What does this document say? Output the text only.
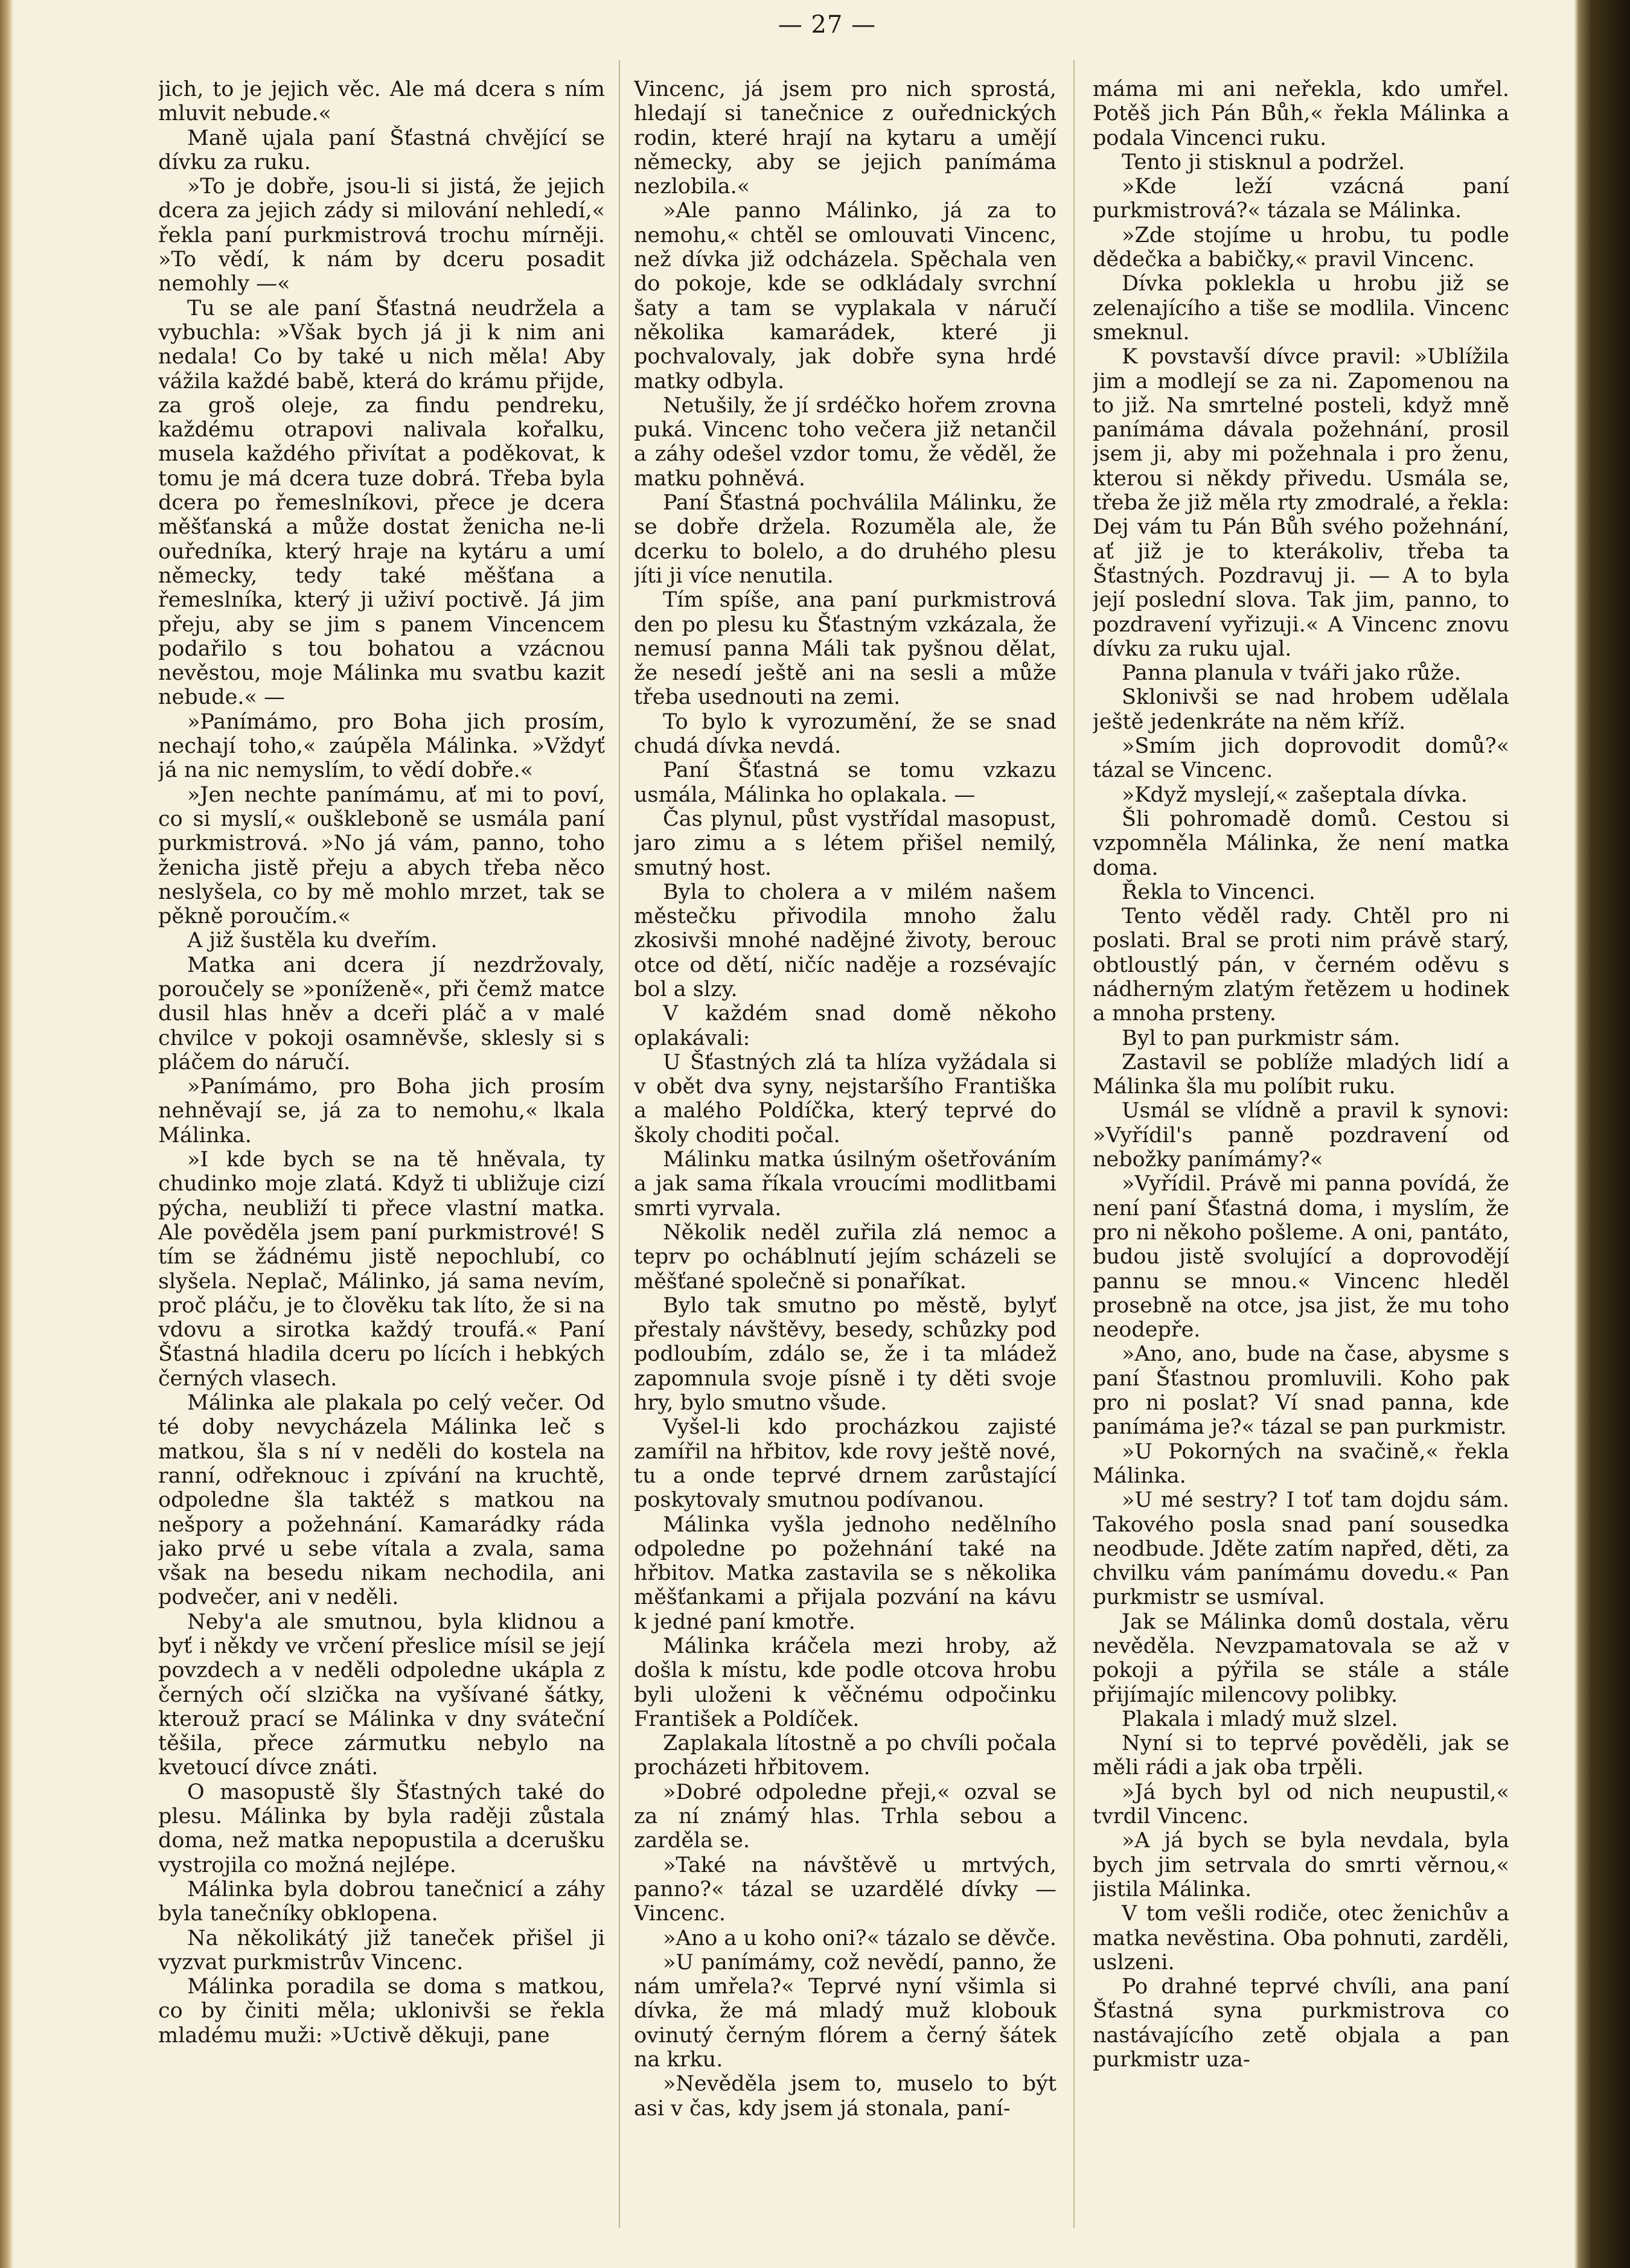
— 27 —

jich, to je jejich věc. Ale má dcera s ním mluvit nebude.«

Maně ujala paní Šťastná chvějící se dívku za ruku.

»To je dobře, jsou-li si jistá, že jejich dcera za jejich zády si milování nehledí,« řekla paní purkmistrová trochu mírněji. »To vědí, k nám by dceru posadit nemohly —«

Tu se ale paní Šťastná neudržela a vybuchla: »Však bych já ji k nim ani nedala! Co by také u nich měla! Aby vážila každé babě, která do krámu přijde, za groš oleje, za findu pendreku, každému otrapovi nalivala kořalku, musela každého přivítat a poděkovat, k tomu je má dcera tuze dobrá. Třeba byla dcera po řemeslníkovi, přece je dcera měšťanská a může dostat ženicha ne-li ouředníka, který hraje na kytáru a umí německy, tedy také měšťana a řemeslníka, který ji uživí poctivě. Já jim přeju, aby se jim s panem Vincencem podařilo s tou bohatou a vzácnou nevěstou, moje Málinka mu svatbu kazit nebude.« —

»Panímámo, pro Boha jich prosím, nechají toho,« zaúpěla Málinka. »Vždyť já na nic nemyslím, to vědí dobře.«

»Jen nechte panímámu, ať mi to poví, co si myslí,« ouškleboně se usmála paní purkmistrová. »No já vám, panno, toho ženicha jistě přeju a abych třeba něco neslyšela, co by mě mohlo mrzet, tak se pěkně poroučím.«

A již šustěla ku dveřím.

Matka ani dcera jí nezdržovaly, poroučely se »poníženě«, při čemž matce dusil hlas hněv a dceři pláč a v malé chvilce v pokoji osamněvše, sklesly si s pláčem do náručí.

»Panímámo, pro Boha jich prosím nehněvají se, já za to nemohu,« lkala Málinka.

»I kde bych se na tě hněvala, ty chudinko moje zlatá. Když ti ubližuje cizí pýcha, neubliží ti přece vlastní matka. Ale pověděla jsem paní purkmistrové! S tím se žádnému jistě nepochlubí, co slyšela. Neplač, Málinko, já sama nevím, proč pláču, je to člověku tak líto, že si na vdovu a sirotka každý troufá.« Paní Šťastná hladila dceru po lících i hebkých černých vlasech.

Málinka ale plakala po celý večer. Od té doby nevycházela Málinka leč s matkou, šla s ní v neděli do kostela na ranní, odřeknouc i zpívání na kruchtě, odpoledne šla taktéž s matkou na nešpory a požehnání. Kamarádky ráda jako prvé u sebe vítala a zvala, sama však na besedu nikam nechodila, ani podvečer, ani v neděli.

Neby'a ale smutnou, byla klidnou a byť i někdy ve vrčení přeslice mísil se její povzdech a v neděli odpoledne ukápla z černých očí slzička na vyšívané šátky, kterouž prací se Málinka v dny sváteční těšila, přece zármutku nebylo na kvetoucí dívce znáti.

O masopustě šly Šťastných také do plesu. Málinka by byla raději zůstala doma, než matka nepopustila a dcerušku vystrojila co možná nejlépe.

Málinka byla dobrou tanečnicí a záhy byla tanečníky obklopena.

Na několikátý již taneček přišel ji vyzvat purkmistrův Vincenc.

Málinka poradila se doma s matkou, co by činiti měla; uklonivši se řekla mladému muži: »Uctivě děkuji, pane

Vincenc, já jsem pro nich sprostá, hledají si tanečnice z ouřednických rodin, které hrají na kytaru a umějí německy, aby se jejich panímáma nezlobila.«

»Ale panno Málinko, já za to nemohu,« chtěl se omlouvati Vincenc, než dívka již odcházela. Spěchala ven do pokoje, kde se odkládaly svrchní šaty a tam se vyplakala v náručí několika kamarádek, které ji pochvalovaly, jak dobře syna hrdé matky odbyla.

Netušily, že jí srdéčko hořem zrovna puká. Vincenc toho večera již netančil a záhy odešel vzdor tomu, že věděl, že matku pohněvá.

Paní Šťastná pochválila Málinku, že se dobře držela. Rozuměla ale, že dcerku to bolelo, a do druhého plesu jíti ji více nenutila.

Tím spíše, ana paní purkmistrová den po plesu ku Šťastným vzkázala, že nemusí panna Máli tak pyšnou dělat, že nesedí ještě ani na sesli a může třeba usednouti na zemi.

To bylo k vyrozumění, že se snad chudá dívka nevdá.

Paní Šťastná se tomu vzkazu usmála, Málinka ho oplakala. —

Čas plynul, půst vystřídal masopust, jaro zimu a s létem přišel nemilý, smutný host.

Byla to cholera a v milém našem městečku přivodila mnoho žalu zkosivši mnohé nadějné životy, berouc otce od dětí, ničíc naděje a rozsévajíc bol a slzy.

V každém snad domě někoho oplakávali:

U Šťastných zlá ta hlíza vyžádala si v obět dva syny, nejstaršího Františka a malého Poldíčka, který teprvé do školy choditi počal.

Málinku matka úsilným ošetřováním a jak sama říkala vroucími modlitbami smrti vyrvala.

Několik neděl zuřila zlá nemoc a teprv po ocháblnutí jejím scházeli se měšťané společně si ponaříkat.

Bylo tak smutno po městě, bylyť přestaly návštěvy, besedy, schůzky pod podloubím, zdálo se, že i ta mládež zapomnula svoje písně i ty děti svoje hry, bylo smutno všude.

Vyšel-li kdo procházkou zajisté zamířil na hřbitov, kde rovy ještě nové, tu a onde teprvé drnem zarůstající poskytovaly smutnou podívanou.

Málinka vyšla jednoho nedělního odpoledne po požehnání také na hřbitov. Matka zastavila se s několika měšťankami a přijala pozvání na kávu k jedné paní kmotře.

Málinka kráčela mezi hroby, až došla k místu, kde podle otcova hrobu byli uloženi k věčnému odpočinku František a Poldíček.

Zaplakala lítostně a po chvíli počala procházeti hřbitovem.

»Dobré odpoledne přeji,« ozval se za ní známý hlas. Trhla sebou a zarděla se.

»Také na návštěvě u mrtvých, panno?« tázal se uzardělé dívky — Vincenc.

»Ano a u koho oni?« tázalo se děvče.

»U panímámy, což nevědí, panno, že nám umřela?« Teprvé nyní všimla si dívka, že má mladý muž klobouk ovinutý černým flórem a černý šátek na krku.

»Nevěděla jsem to, muselo to být asi v čas, kdy jsem já stonala, paní-

máma mi ani neřekla, kdo umřel. Potěš jich Pán Bůh,« řekla Málinka a podala Vincenci ruku.

Tento ji stisknul a podržel.

»Kde leží vzácná paní purkmistrová?« tázala se Málinka.

»Zde stojíme u hrobu, tu podle dědečka a babičky,« pravil Vincenc.

Dívka poklekla u hrobu již se zelenajícího a tiše se modlila. Vincenc smeknul.

K povstavší dívce pravil: »Ublížila jim a modlejí se za ni. Zapomenou na to již. Na smrtelné posteli, když mně panímáma dávala požehnání, prosil jsem ji, aby mi požehnala i pro ženu, kterou si někdy přivedu. Usmála se, třeba že již měla rty zmodralé, a řekla: Dej vám tu Pán Bůh svého požehnání, ať již je to kterákoliv, třeba ta Šťastných. Pozdravuj ji. — A to byla její poslední slova. Tak jim, panno, to pozdravení vyřizuji.« A Vincenc znovu dívku za ruku ujal.

Panna planula v tváři jako růže.

Sklonivši se nad hrobem udělala ještě jedenkráte na něm kříž.

»Smím jich doprovodit domů?« tázal se Vincenc.

»Když myslejí,« zašeptala dívka.

Šli pohromadě domů. Cestou si vzpomněla Málinka, že není matka doma.

Řekla to Vincenci.

Tento věděl rady. Chtěl pro ni poslati. Bral se proti nim právě starý, obtloustlý pán, v černém oděvu s nádherným zlatým řetězem u hodinek a mnoha prsteny.

Byl to pan purkmistr sám.

Zastavil se poblíže mladých lidí a Málinka šla mu políbit ruku.

Usmál se vlídně a pravil k synovi: »Vyřídil's panně pozdravení od nebožky panímámy?«

»Vyřídil. Právě mi panna povídá, že není paní Šťastná doma, i myslím, že pro ni někoho pošleme. A oni, pantáto, budou jistě svolující a doprovodějí pannu se mnou.« Vincenc hleděl prosebně na otce, jsa jist, že mu toho neodepře.

»Ano, ano, bude na čase, abysme s paní Šťastnou promluvili. Koho pak pro ni poslat? Ví snad panna, kde panímáma je?« tázal se pan purkmistr.

»U Pokorných na svačině,« řekla Málinka.

»U mé sestry? I toť tam dojdu sám. Takového posla snad paní sousedka neodbude. Jděte zatím napřed, děti, za chvilku vám panímámu dovedu.« Pan purkmistr se usmíval.

Jak se Málinka domů dostala, věru nevěděla. Nevzpamatovala se až v pokoji a pýřila se stále a stále přijímajíc milencovy polibky.

Plakala i mladý muž slzel.

Nyní si to teprvé pověděli, jak se měli rádi a jak oba trpěli.

»Já bych byl od nich neupustil,« tvrdil Vincenc.

»A já bych se byla nevdala, byla bych jim setrvala do smrti věrnou,« jistila Málinka.

V tom vešli rodiče, otec ženichův a matka nevěstina. Oba pohnuti, zarděli, uslzeni.

Po drahné teprvé chvíli, ana paní Šťastná syna purkmistrova co nastávajícího zetě objala a pan purkmistr uza-
